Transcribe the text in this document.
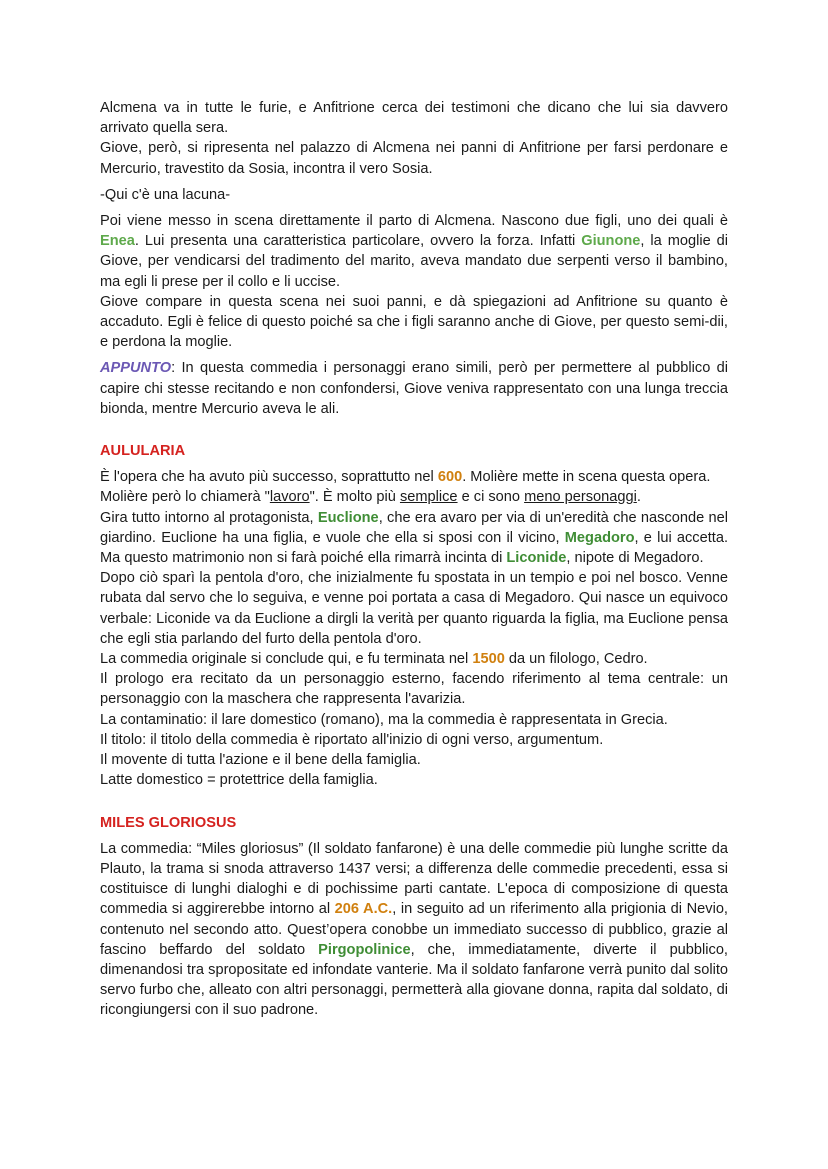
Alcmena va in tutte le furie, e Anfitrione cerca dei testimoni che dicano che lui sia davvero arrivato quella sera.

Giove, però, si ripresenta nel palazzo di Alcmena nei panni di Anfitrione per farsi perdonare e Mercurio, travestito da Sosia, incontra il vero Sosia.

-Qui c'è una lacuna-

Poi viene messo in scena direttamente il parto di Alcmena. Nascono due figli, uno dei quali è Enea. Lui presenta una caratteristica particolare, ovvero la forza. Infatti Giunone, la moglie di Giove, per vendicarsi del tradimento del marito, aveva mandato due serpenti verso il bambino, ma egli li prese per il collo e li uccise.

Giove compare in questa scena nei suoi panni, e dà spiegazioni ad Anfitrione su quanto è accaduto. Egli è felice di questo poiché sa che i figli saranno anche di Giove, per questo semi-dii, e perdona la moglie.

APPUNTO: In questa commedia i personaggi erano simili, però per permettere al pubblico di capire chi stesse recitando e non confondersi, Giove veniva rappresentato con una lunga treccia bionda, mentre Mercurio aveva le ali.

AULULARIA

È l'opera che ha avuto più successo, soprattutto nel 600. Molière mette in scena questa opera.

Molière però lo chiamerà "lavoro". È molto più semplice e ci sono meno personaggi.

Gira tutto intorno al protagonista, Euclione, che era avaro per via di un'eredità che nasconde nel giardino. Euclione ha una figlia, e vuole che ella si sposi con il vicino, Megadoro, e lui accetta. Ma questo matrimonio non si farà poiché ella rimarrà incinta di Liconide, nipote di Megadoro.

Dopo ciò sparì la pentola d'oro, che inizialmente fu spostata in un tempio e poi nel bosco. Venne rubata dal servo che lo seguiva, e venne poi portata a casa di Megadoro. Qui nasce un equivoco verbale: Liconide va da Euclione a dirgli la verità per quanto riguarda la figlia, ma Euclione pensa che egli stia parlando del furto della pentola d'oro.

La commedia originale si conclude qui, e fu terminata nel 1500 da un filologo, Cedro.

Il prologo era recitato da un personaggio esterno, facendo riferimento al tema centrale: un personaggio con la maschera che rappresenta l'avarizia.

La contaminatio: il lare domestico (romano), ma la commedia è rappresentata in Grecia.

Il titolo: il titolo della commedia è riportato all'inizio di ogni verso, argumentum.

Il movente di tutta l'azione e il bene della famiglia.

Latte domestico = protettrice della famiglia.

MILES GLORIOSUS

La commedia: “Miles gloriosus” (Il soldato fanfarone) è una delle commedie più lunghe scritte da Plauto, la trama si snoda attraverso 1437 versi; a differenza delle commedie precedenti, essa si costituisce di lunghi dialoghi e di pochissime parti cantate. L'epoca di composizione di questa commedia si aggirerebbe intorno al 206 A.C., in seguito ad un riferimento alla prigionia di Nevio, contenuto nel secondo atto. Quest’opera conobbe un immediato successo di pubblico, grazie al fascino beffardo del soldato Pirgopolinice, che, immediatamente, diverte il pubblico, dimenandosi tra spropositate ed infondate vanterie. Ma il soldato fanfarone verrà punito dal solito servo furbo che, alleato con altri personaggi, permetterà alla giovane donna, rapita dal soldato, di ricongiungersi con il suo padrone.
